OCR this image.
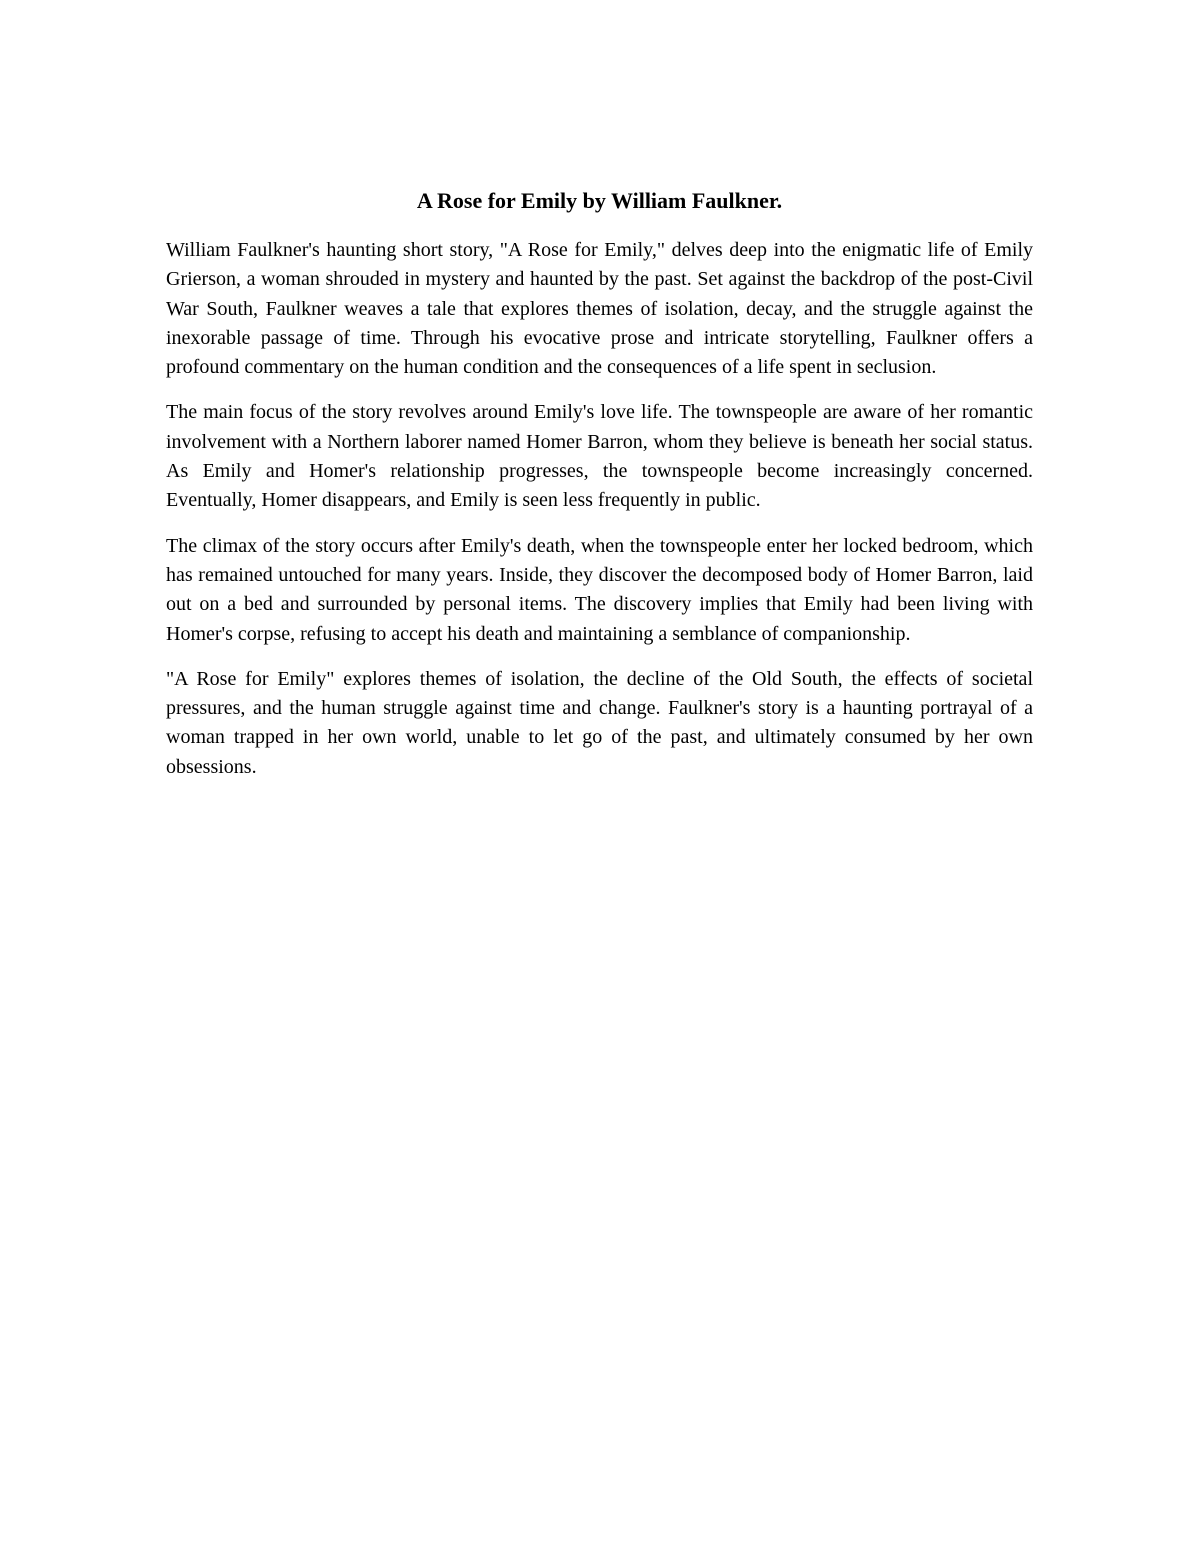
A Rose for Emily by William Faulkner.

William Faulkner's haunting short story, "A Rose for Emily," delves deep into the enigmatic life of Emily Grierson, a woman shrouded in mystery and haunted by the past. Set against the backdrop of the post-Civil War South, Faulkner weaves a tale that explores themes of isolation, decay, and the struggle against the inexorable passage of time. Through his evocative prose and intricate storytelling, Faulkner offers a profound commentary on the human condition and the consequences of a life spent in seclusion.

The main focus of the story revolves around Emily's love life. The townspeople are aware of her romantic involvement with a Northern laborer named Homer Barron, whom they believe is beneath her social status. As Emily and Homer's relationship progresses, the townspeople become increasingly concerned. Eventually, Homer disappears, and Emily is seen less frequently in public.

The climax of the story occurs after Emily's death, when the townspeople enter her locked bedroom, which has remained untouched for many years. Inside, they discover the decomposed body of Homer Barron, laid out on a bed and surrounded by personal items. The discovery implies that Emily had been living with Homer's corpse, refusing to accept his death and maintaining a semblance of companionship.

"A Rose for Emily" explores themes of isolation, the decline of the Old South, the effects of societal pressures, and the human struggle against time and change. Faulkner's story is a haunting portrayal of a woman trapped in her own world, unable to let go of the past, and ultimately consumed by her own obsessions.
